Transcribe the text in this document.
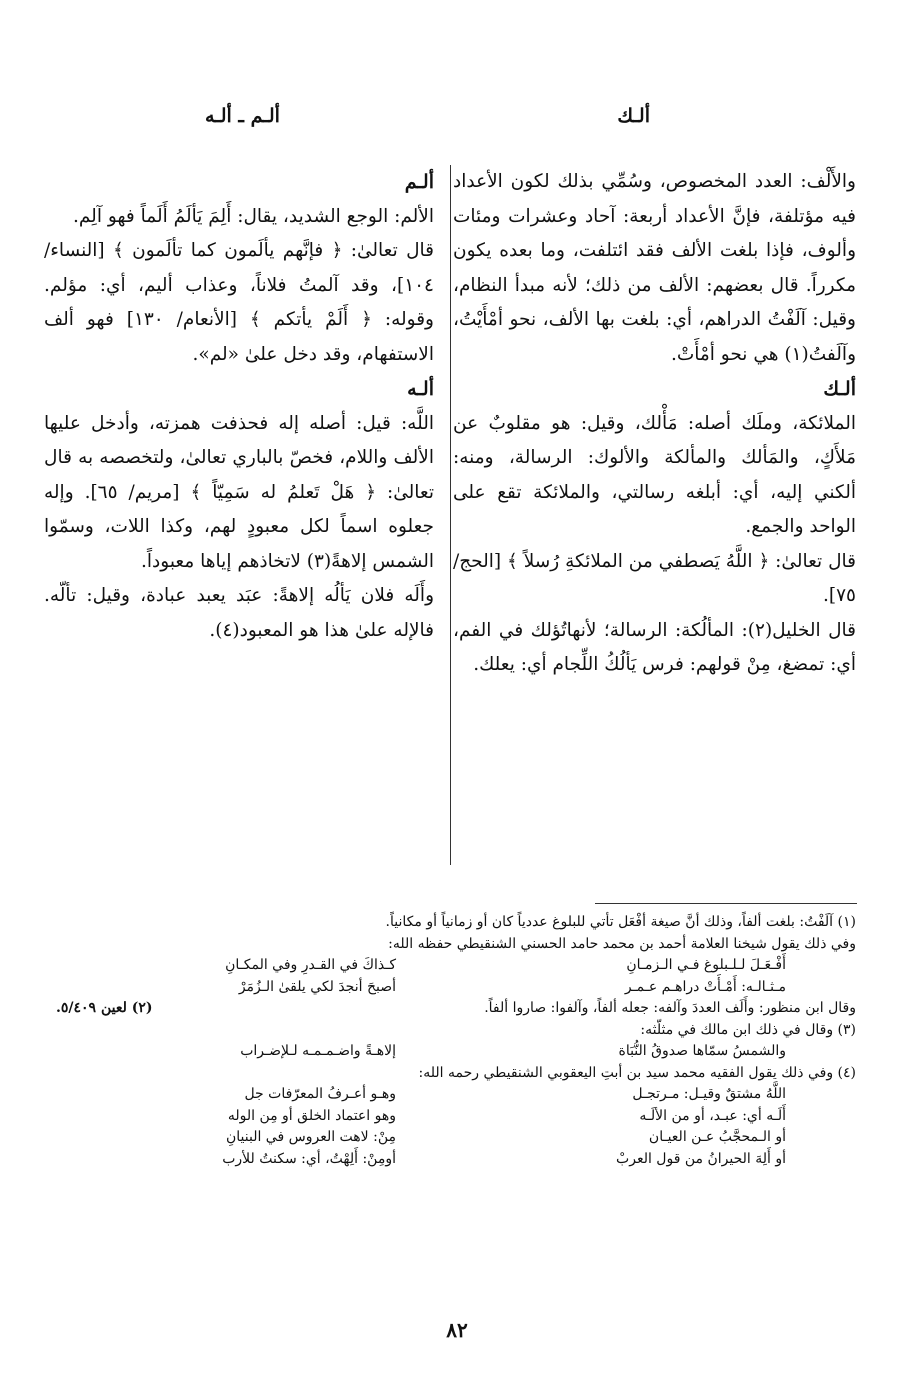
ألـك
ألـم ـ ألـه

والأَلْف: العدد المخصوص، وسُمِّي بذلك لكون الأعداد فيه مؤتلفة، فإنَّ الأعداد أربعة: آحاد وعشرات ومئات وألوف، فإذا بلغت الألف فقد ائتلفت، وما بعده يكون مكرراً. قال بعضهم: الألف من ذلك؛ لأنه مبدأ النظام، وقيل: آلَفْتُ الدراهم، أي: بلغت بها الألف، نحو أمْأَيْتُ، وآلَفتُ(١) هي نحو أمْأَتْ.

ألـك

الملائكة، وملَك أصله: مَأْلك، وقيل: هو مقلوبٌ عن مَلأَكٍ، والمَألك والمألكة والألوك: الرسالة، ومنه: ألكني إليه، أي: أبلغه رسالتي، والملائكة تقع على الواحد والجمع.

قال تعالىٰ: ﴿ اللَّهُ يَصطفي من الملائكةِ رُسلاً ﴾ [الحج/ ٧٥].

قال الخليل(٢): المألُكة: الرسالة؛ لأنهاتُؤلك في الفم، أي: تمضغ، مِنْ قولهم: فرس يَألُكُ اللِّجام أي: يعلك.

ألـم

الألم: الوجع الشديد، يقال: أَلِمَ يَألَمُ أَلَماً فهو آلِم.

قال تعالىٰ: ﴿ فإنَّهم يألَمون كما تألَمون ﴾ [النساء/ ١٠٤]، وقد آلمتُ فلاناً، وعذاب أليم، أي: مؤلم. وقوله: ﴿ أَلَمْ يأتكم ﴾ [الأنعام/ ١٣٠] فهو ألف الاستفهام، وقد دخل علىٰ «لم».

ألـه

اللَّه: قيل: أصله إله فحذفت همزته، وأدخل عليها الألف واللام، فخصّ بالباري تعالىٰ، ولتخصصه به قال تعالىٰ: ﴿ هَلْ تَعلمُ له سَمِيّاً ﴾ [مريم/ ٦٥]. وإله جعلوه اسماً لكل معبودٍ لهم، وكذا اللات، وسمّوا الشمس إلاهةً(٣) لاتخاذهم إياها معبوداً.

وأَلَه فلان يَألُه إلاهةً: عبَد يعبد عبادة، وقيل: تألّه. فالإله علىٰ هذا هو المعبود(٤).

(١) آلَفْتُ: بلغت ألفاً، وذلك أنَّ صيغة أفْعَل تأتي للبلوغ عددياً كان أو زمانياً أو مكانياً.

وفي ذلك يقول شيخنا العلامة أحمد بن محمد حامد الحسني الشنقيطي حفظه الله:

أَفْـعَـلَ لـلـبلوغ فـي الـزمـانِ
كـذاكَ في القـدرِ وفي المكـانِ
مـثـالـه: أَمْـأَتْ دراهـم عـمـر
أصبحَ أنجدَ لكي يلقىٰ الـزُمَرْ
وقال ابن منظور: وأَلَف العددَ وآلفه: جعله ألفاً، وآلفوا: صاروا ألفاً.
(٢) لعين ٥/٤٠٩.

(٣) وقال في ذلك ابن مالك في مثلّثه:

والشمسُ سمّاها صدوقُ النُّبَاة
إلاهـةً واضـمـمـه لـلإضـراب

(٤) وفي ذلك يقول الفقيه محمد سيد بن أبتِ اليعقوبي الشنقيطي رحمه الله:

اللَّهُ مشتقٌ وقيـل: مـرتجـل
وهـو أعـرفُ المعرّفات جل
أَلَـه أي: عبـد، أو من الألَـه
وهو اعتماد الخلق أو مِن الوله
أو الـمحجَّبُ عـن العيـان
مِنْ: لاهت العروس في البنيانِ
أو أَلِهَ الحيرانُ من قول العربْ
أومِنْ: أَلِهْتُ، أي: سكنتُ للأرب
٨٢
